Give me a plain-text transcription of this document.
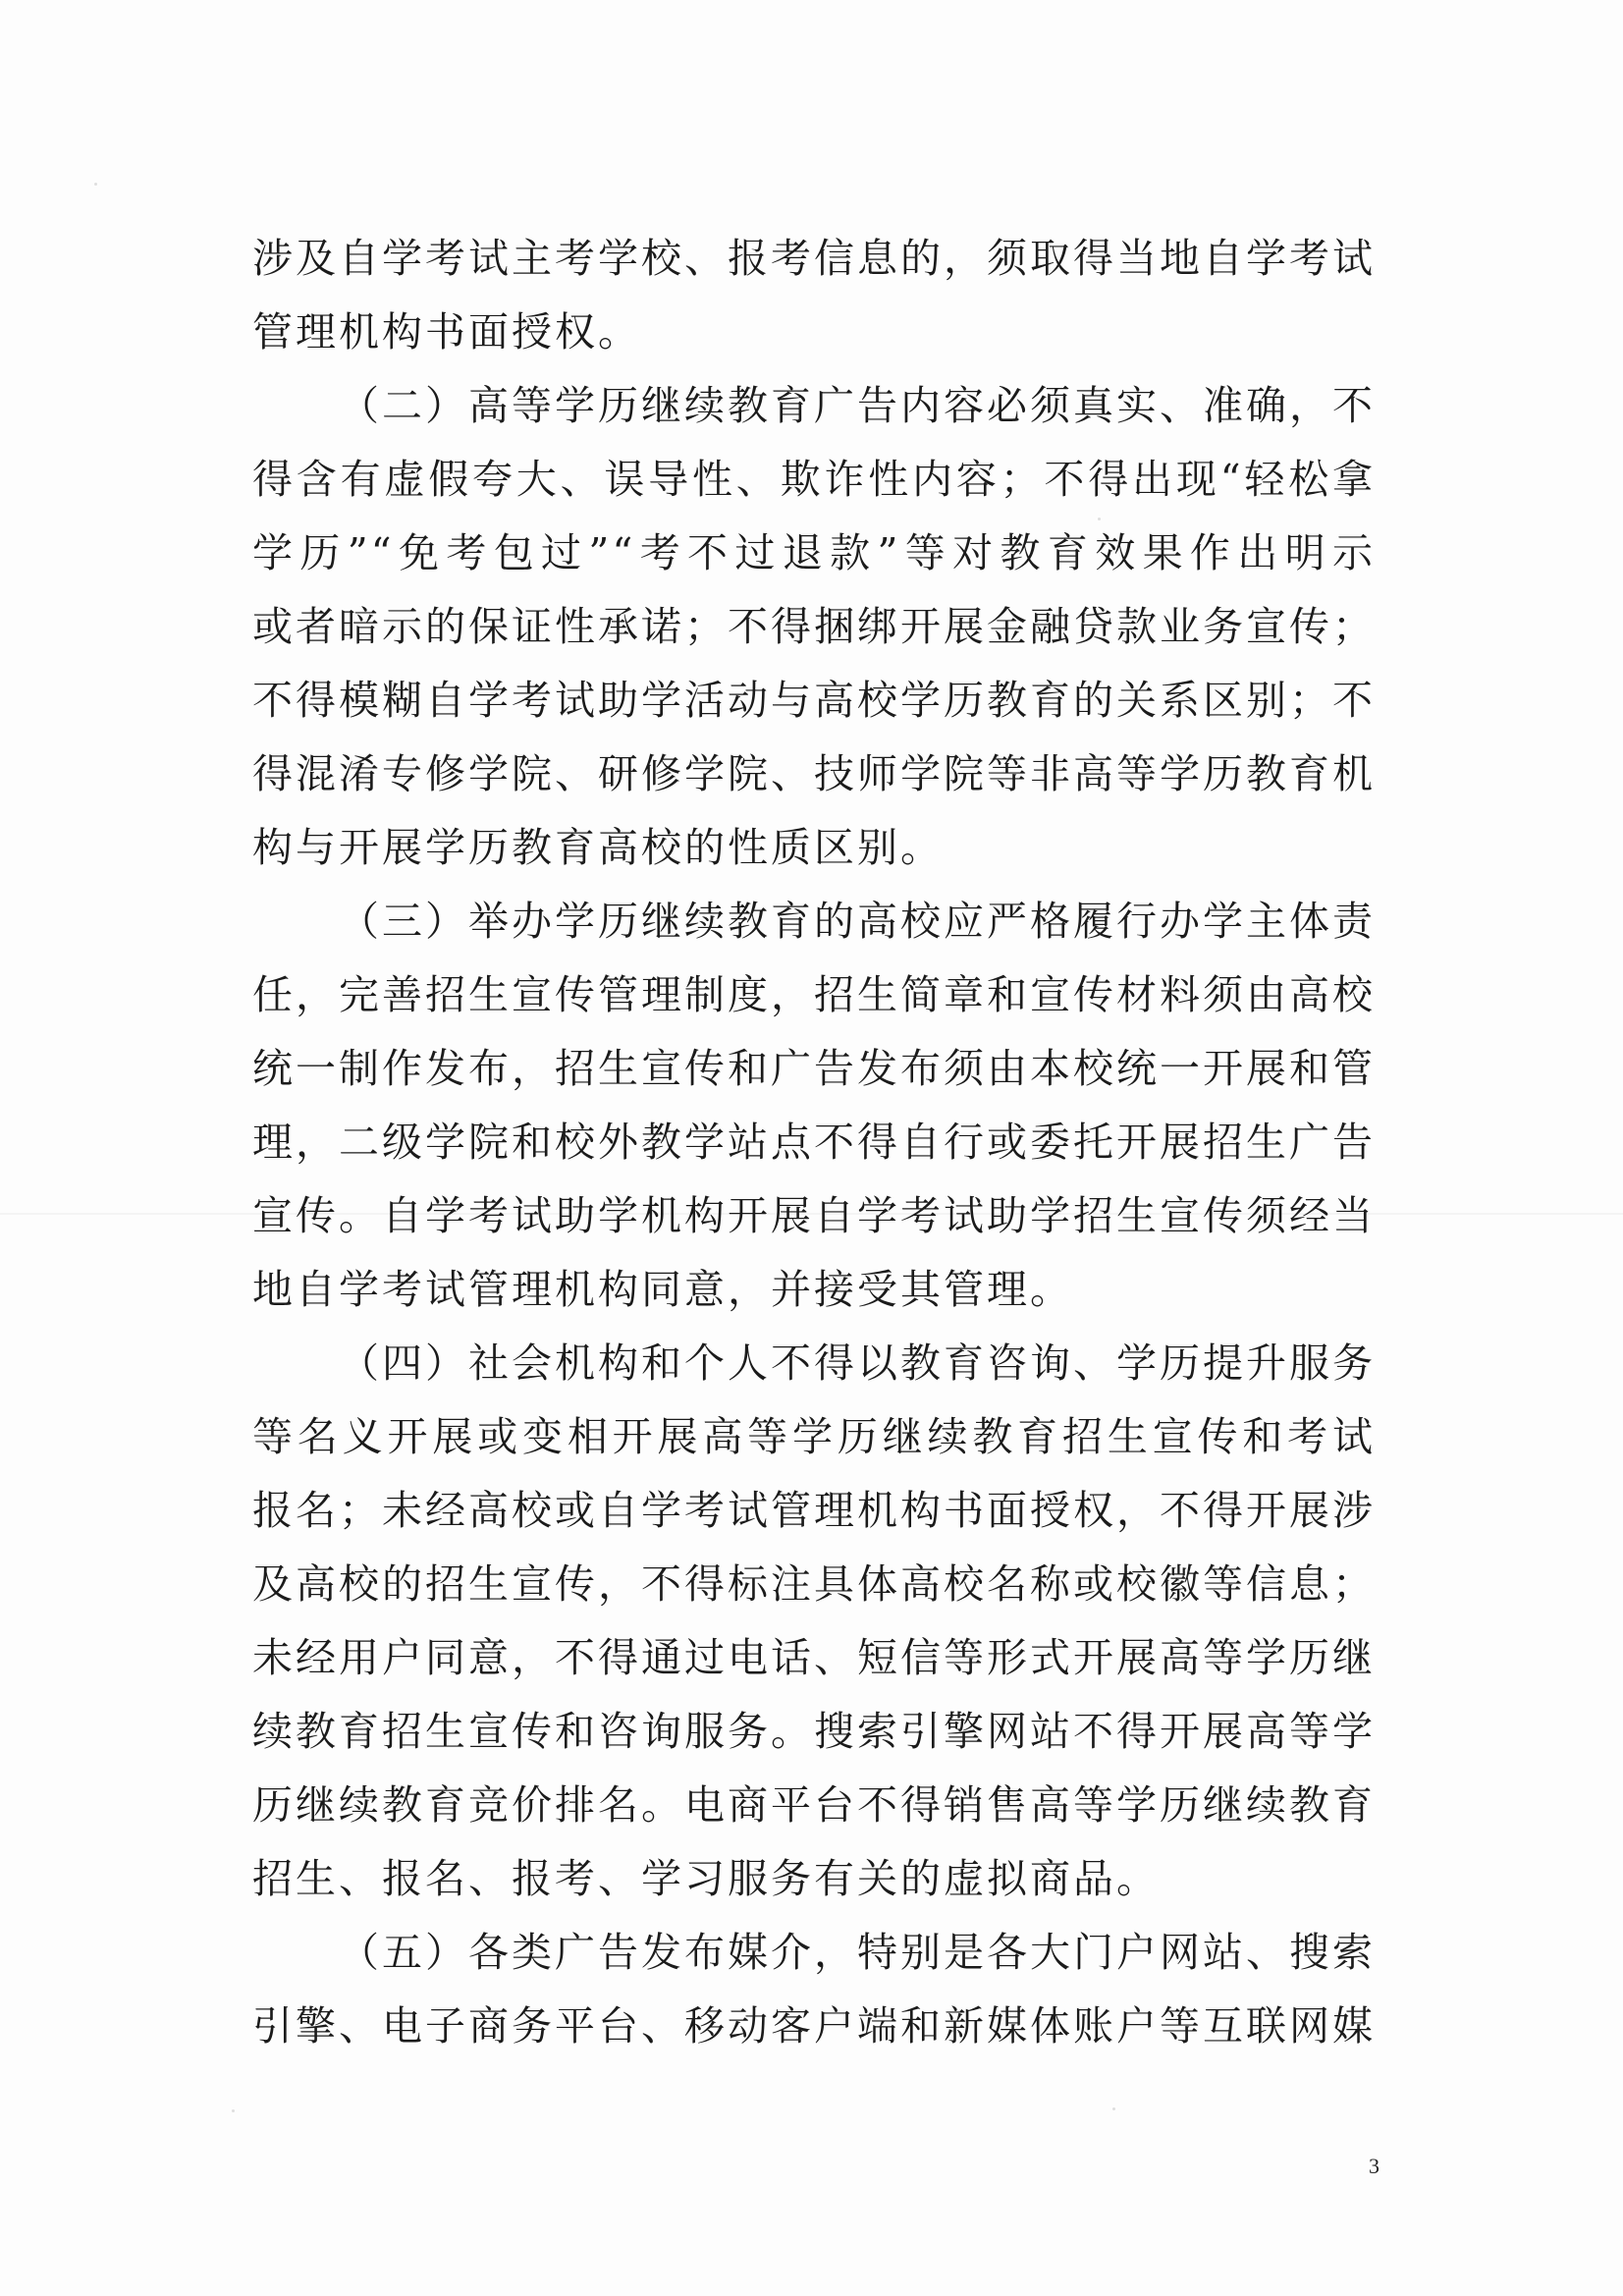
涉及自学考试主考学校、报考信息的，须取得当地自学考试
管理机构书面授权。
（二）高等学历继续教育广告内容必须真实、准确，不
得含有虚假夸大、误导性、欺诈性内容；不得出现“轻松拿
学历”“免考包过”“考不过退款”等对教育效果作出明示
或者暗示的保证性承诺；不得捆绑开展金融贷款业务宣传；
不得模糊自学考试助学活动与高校学历教育的关系区别；不
得混淆专修学院、研修学院、技师学院等非高等学历教育机
构与开展学历教育高校的性质区别。
（三）举办学历继续教育的高校应严格履行办学主体责
任，完善招生宣传管理制度，招生简章和宣传材料须由高校
统一制作发布，招生宣传和广告发布须由本校统一开展和管
理，二级学院和校外教学站点不得自行或委托开展招生广告
宣传。自学考试助学机构开展自学考试助学招生宣传须经当
地自学考试管理机构同意，并接受其管理。
（四）社会机构和个人不得以教育咨询、学历提升服务
等名义开展或变相开展高等学历继续教育招生宣传和考试
报名；未经高校或自学考试管理机构书面授权，不得开展涉
及高校的招生宣传，不得标注具体高校名称或校徽等信息；
未经用户同意，不得通过电话、短信等形式开展高等学历继
续教育招生宣传和咨询服务。搜索引擎网站不得开展高等学
历继续教育竞价排名。电商平台不得销售高等学历继续教育
招生、报名、报考、学习服务有关的虚拟商品。
（五）各类广告发布媒介，特别是各大门户网站、搜索
引擎、电子商务平台、移动客户端和新媒体账户等互联网媒
3
